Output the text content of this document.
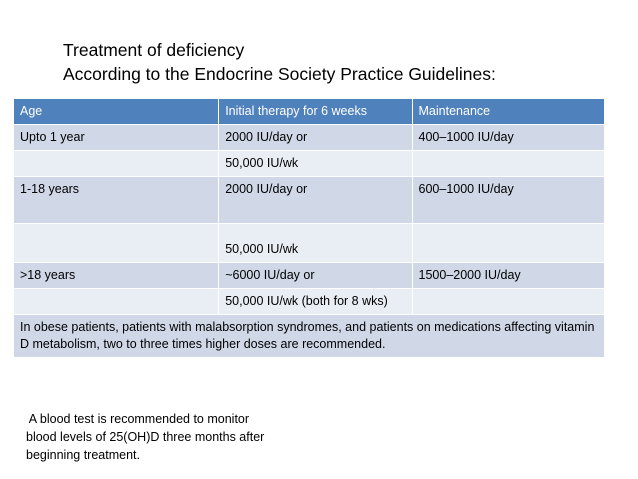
Treatment of deficiency
According to the Endocrine Society Practice Guidelines:
Age	Initial therapy for 6 weeks	Maintenance
Upto 1 year	2000 IU/day or	400–1000 IU/day
	50,000 IU/wk	
1-18 years	2000 IU/day or	600–1000 IU/day
	50,000 IU/wk	
>18 years	~6000 IU/day or	1500–2000 IU/day
	50,000 IU/wk (both for 8 wks)	
In obese patients, patients with malabsorption syndromes, and patients on medications affecting vitamin D metabolism, two to three times higher doses are recommended.		
A blood test is recommended to monitor
blood levels of 25(OH)D three months after
beginning treatment.
